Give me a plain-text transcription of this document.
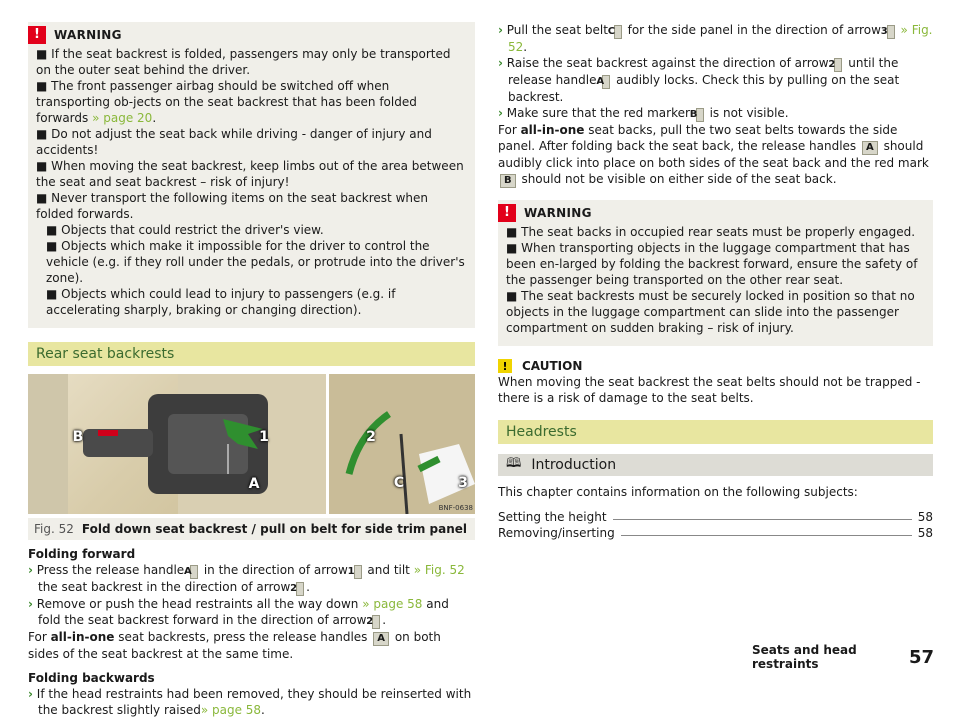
!	WARNING

■ If the seat backrest is folded, passengers may only be transported on the outer seat behind the driver.

■ The front passenger airbag should be switched off when transporting ob-jects on the seat backrest that has been folded forwards » page 20.

■ Do not adjust the seat back while driving - danger of injury and accidents!

■ When moving the seat backrest, keep limbs out of the area between the seat and seat backrest – risk of injury!

■ Never transport the following items on the seat backrest when folded forwards.

■ Objects that could restrict the driver's view.

■ Objects which make it impossible for the driver to control the vehicle (e.g. if they roll under the pedals, or protrude into the driver's zone).

■ Objects which could lead to injury to passengers (e.g. if accelerating sharply, braking or changing direction).

Rear seat backrests
B	1
A
2
C	3
BNF-0638
Fig. 52 Fold down seat backrest / pull on belt for side trim panel

Folding forward

› Press the release handle A in the direction of arrow 1 and tilt » Fig. 52 the seat backrest in the direction of arrow 2 .

› Remove or push the head restraints all the way down » page 58 and fold the seat backrest forward in the direction of arrow 2 .

For all-in-one seat backrests, press the release handles A on both sides of the seat backrest at the same time.

Folding backwards

› If the head restraints had been removed, they should be reinserted with the backrest slightly raised» page 58.

› Pull the seat belt C for the side panel in the direction of arrow 3 » Fig. 52.

› Raise the seat backrest against the direction of arrow 2 until the release handle A audibly locks. Check this by pulling on the seat backrest.

› Make sure that the red marker B is not visible.

For all-in-one seat backs, pull the two seat belts towards the side panel. After folding back the seat back, the release handles A should audibly click into place on both sides of the seat back and the red mark B should not be visible on either side of the seat back.

!	WARNING

■ The seat backs in occupied rear seats must be properly engaged.

■ When transporting objects in the luggage compartment that has been en-larged by folding the backrest forward, ensure the safety of the passenger being transported on the other rear seat.

■ The seat backrests must be securely locked in position so that no objects in the luggage compartment can slide into the passenger compartment on sudden braking – risk of injury.

!	CAUTION

When moving the seat backrest the seat belts should not be trapped - there is a risk of damage to the seat belts.

Headrests
🕮 Introduction

This chapter contains information on the following subjects:

Setting the height	58
Removing/inserting	58
Seats and head restraints	57
